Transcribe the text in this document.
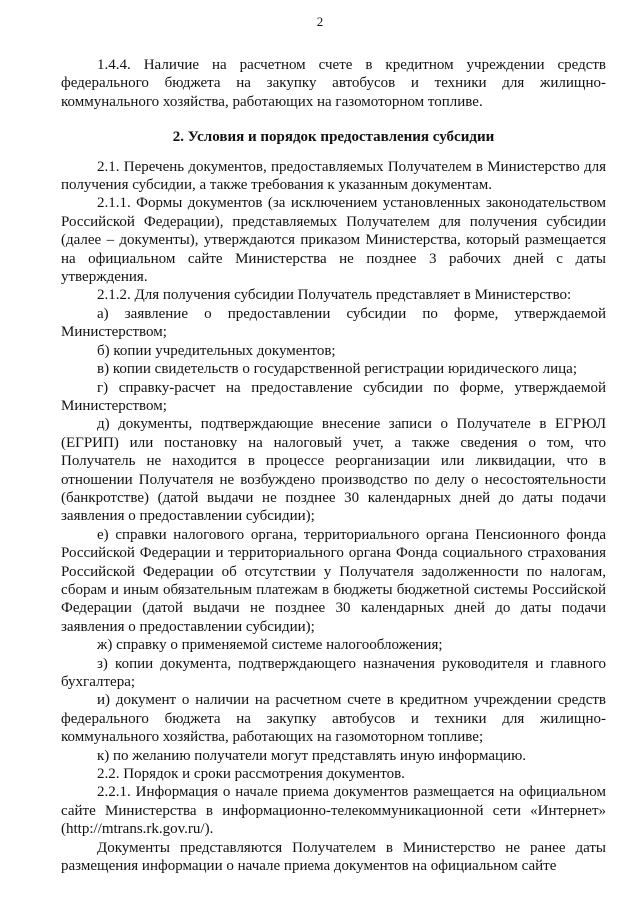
2

1.4.4. Наличие на расчетном счете в кредитном учреждении средств федерального бюджета на закупку автобусов и техники для жилищно-коммунального хозяйства, работающих на газомоторном топливе.

2. Условия и порядок предоставления субсидии

2.1. Перечень документов, предоставляемых Получателем в Министерство для получения субсидии, а также требования к указанным документам.

2.1.1. Формы документов (за исключением установленных законодательством Российской Федерации), представляемых Получателем для получения субсидии (далее – документы), утверждаются приказом Министерства, который размещается на официальном сайте Министерства не позднее 3 рабочих дней с даты утверждения.

2.1.2. Для получения субсидии Получатель представляет в Министерство:

а) заявление о предоставлении субсидии по форме, утверждаемой Министерством;

б) копии учредительных документов;

в) копии свидетельств о государственной регистрации юридического лица;

г) справку-расчет на предоставление субсидии по форме, утверждаемой Министерством;

д) документы, подтверждающие внесение записи о Получателе в ЕГРЮЛ (ЕГРИП) или постановку на налоговый учет, а также сведения о том, что Получатель не находится в процессе реорганизации или ликвидации, что в отношении Получателя не возбуждено производство по делу о несостоятельности (банкротстве) (датой выдачи не позднее 30 календарных дней до даты подачи заявления о предоставлении субсидии);

е) справки налогового органа, территориального органа Пенсионного фонда Российской Федерации и территориального органа Фонда социального страхования Российской Федерации об отсутствии у Получателя задолженности по налогам, сборам и иным обязательным платежам в бюджеты бюджетной системы Российской Федерации (датой выдачи не позднее 30 календарных дней до даты подачи заявления о предоставлении субсидии);

ж) справку о применяемой системе налогообложения;

з) копии документа, подтверждающего назначения руководителя и главного бухгалтера;

и) документ о наличии на расчетном счете в кредитном учреждении средств федерального бюджета на закупку автобусов и техники для жилищно-коммунального хозяйства, работающих на газомоторном топливе;

к) по желанию получатели могут представлять иную информацию.

2.2. Порядок и сроки рассмотрения документов.

2.2.1. Информация о начале приема документов размещается на официальном сайте Министерства в информационно-телекоммуникационной сети «Интернет» (http://mtrans.rk.gov.ru/).

Документы представляются Получателем в Министерство не ранее даты размещения информации о начале приема документов на официальном сайте
